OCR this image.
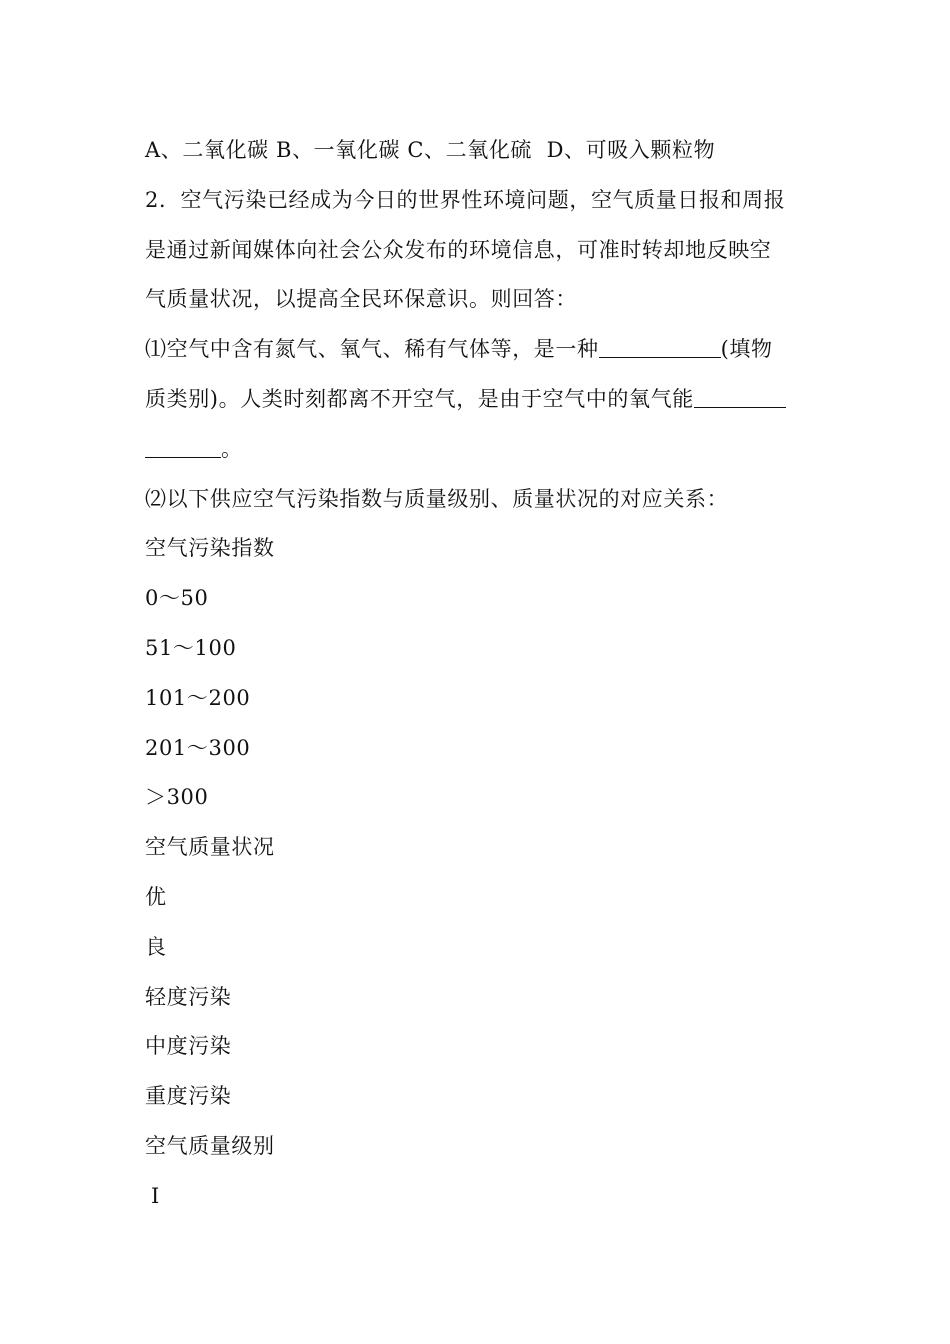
A、二氧化碳 B、一氧化碳 C、二氧化硫  D、可吸入颗粒物
2．空气污染已经成为今日的世界性环境问题，空气质量日报和周报
是通过新闻媒体向社会公众发布的环境信息，可准时转却地反映空
气质量状况，以提高全民环保意识。则回答：
⑴空气中含有氮气、氧气、稀有气体等，是一种	(填物
质类别)。人类时刻都离不开空气，是由于空气中的氧气能
。
⑵以下供应空气污染指数与质量级别、质量状况的对应关系：
空气污染指数
0～50
51～100
101～200
201～300
＞300
空气质量状况
优
良
轻度污染
中度污染
重度污染
空气质量级别
Ⅰ
